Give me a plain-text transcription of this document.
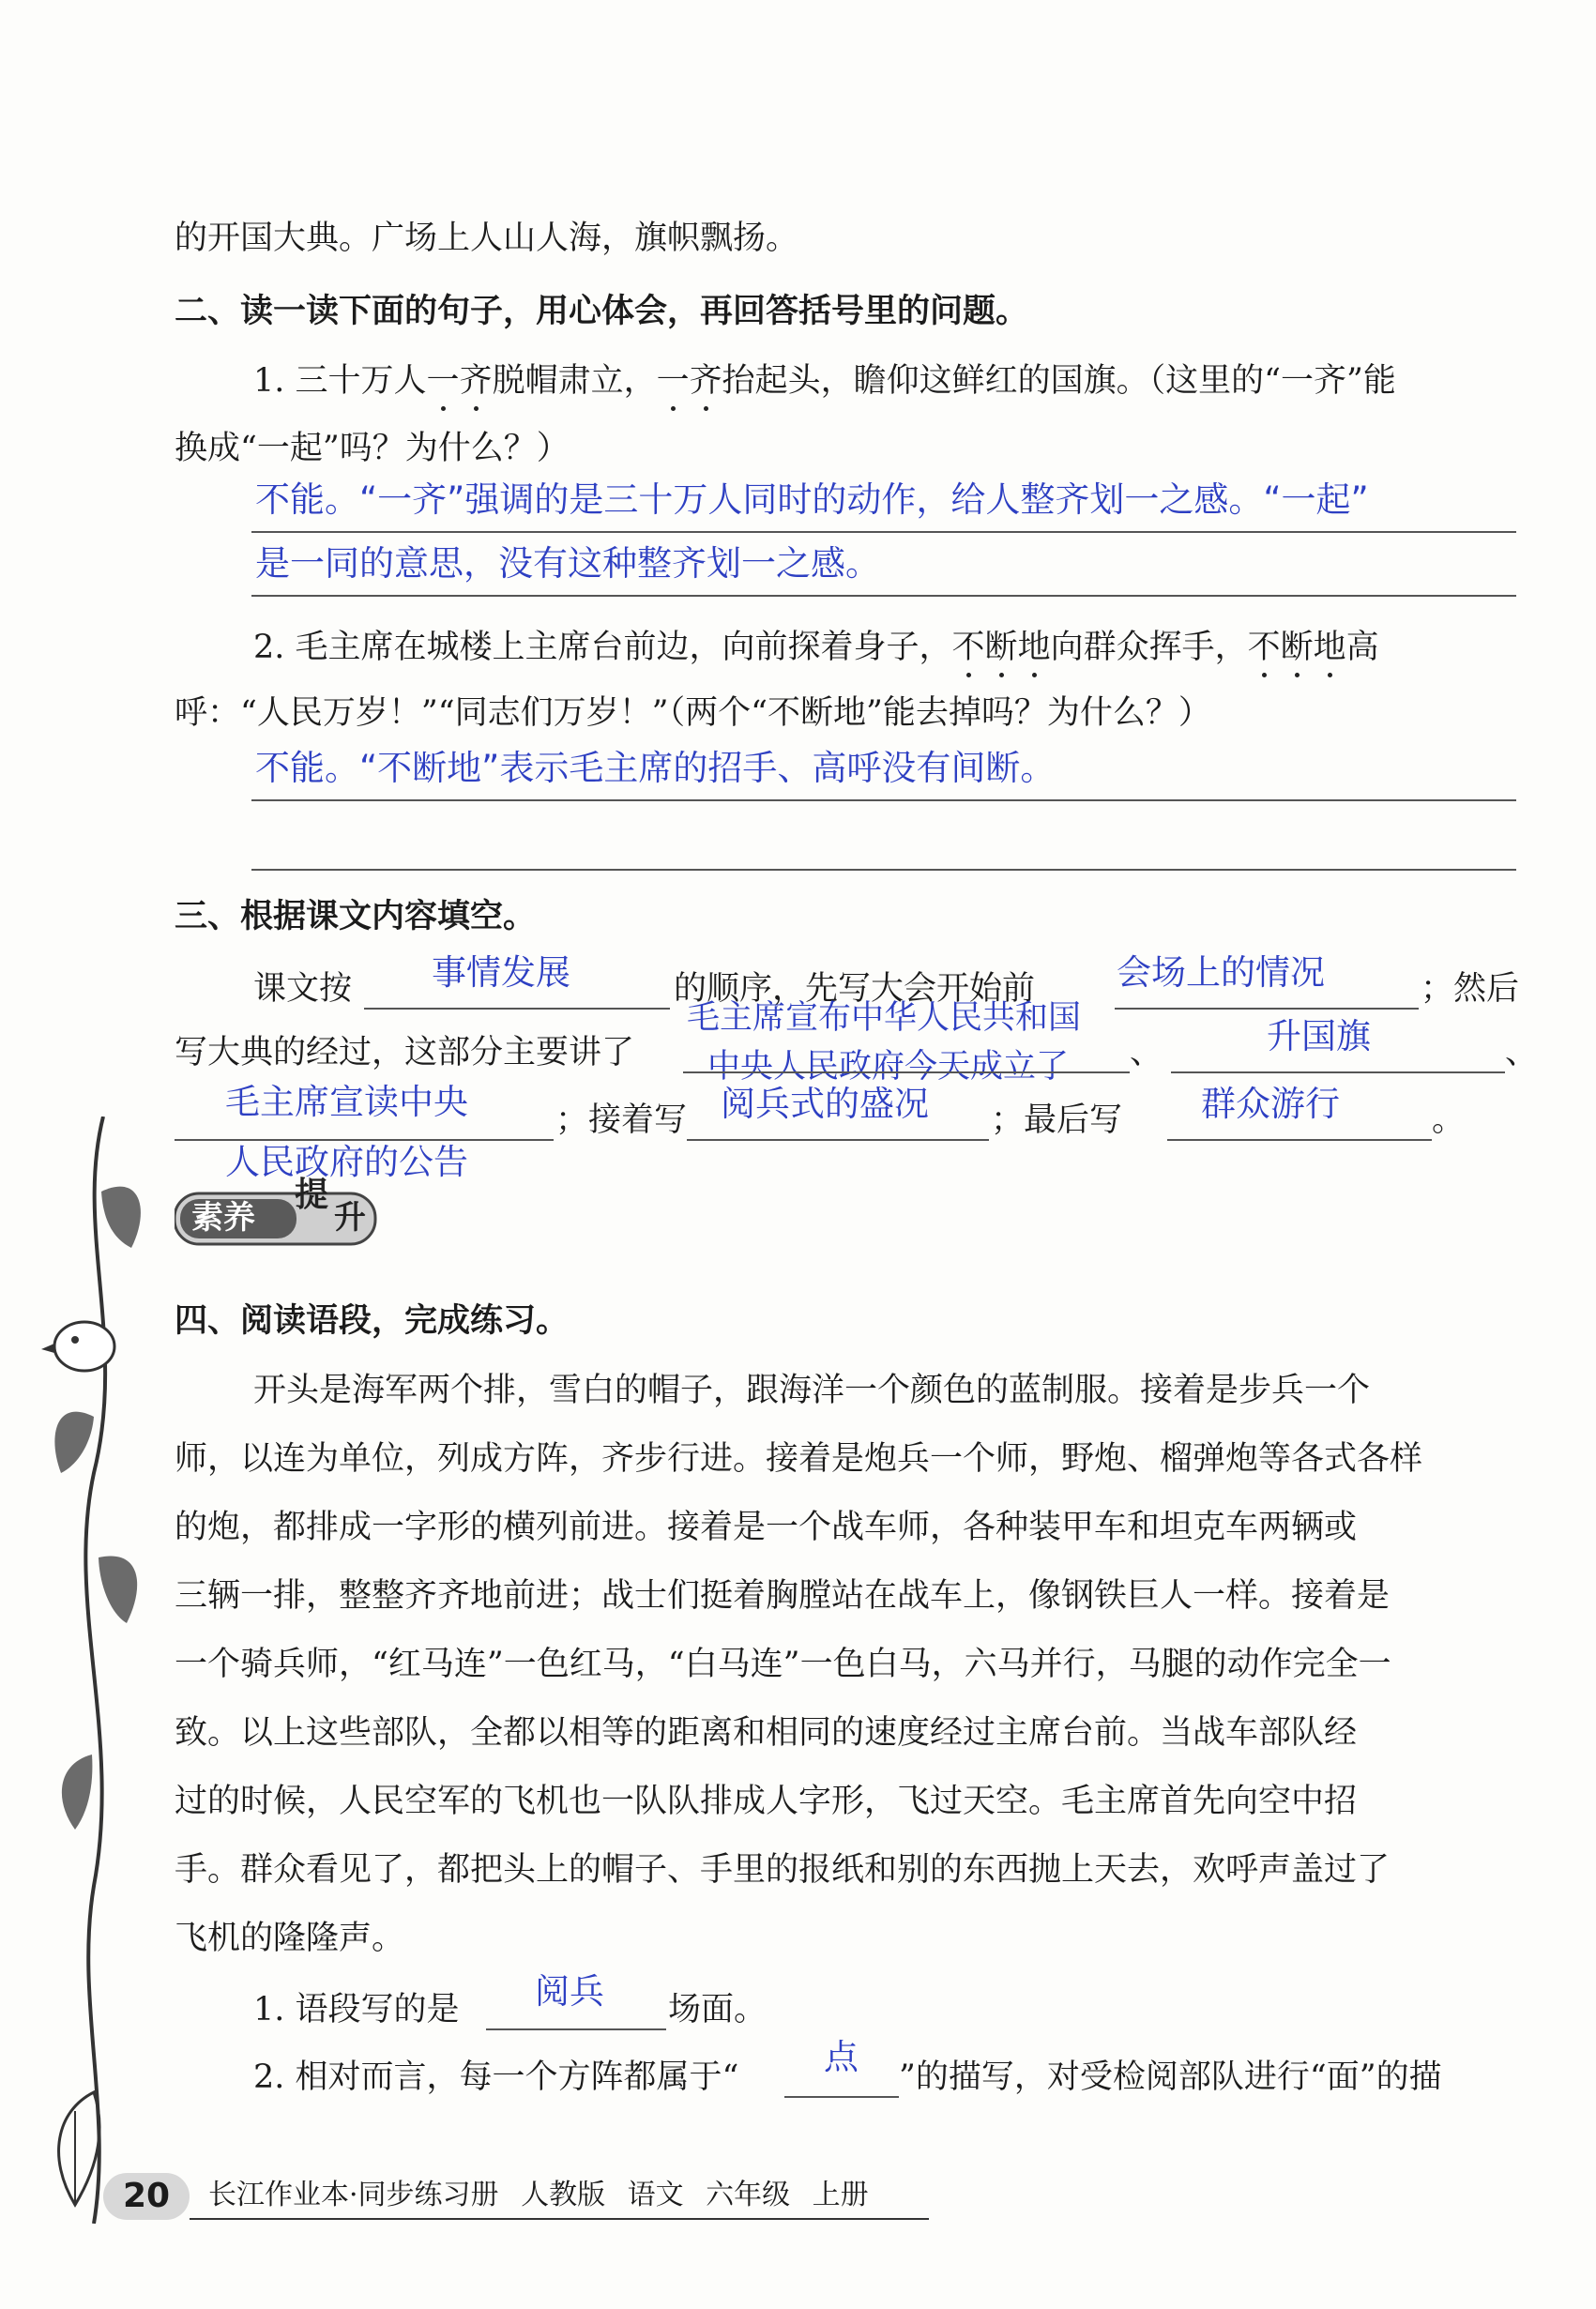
的开国大典。广场上人山人海，旗帜飘扬。
二、读一读下面的句子，用心体会，再回答括号里的问题。
1. 三十万人一齐脱帽肃立，一齐抬起头，瞻仰这鲜红的国旗。（这里的“一齐”能
换成“一起”吗？为什么？）
不能。“一齐”强调的是三十万人同时的动作，给人整齐划一之感。“一起”
是一同的意思，没有这种整齐划一之感。
2. 毛主席在城楼上主席台前边，向前探着身子，不断地向群众挥手，不断地高
呼：“人民万岁！”“同志们万岁！”（两个“不断地”能去掉吗？为什么？）
不能。“不断地”表示毛主席的招手、高呼没有间断。
三、根据课文内容填空。
课文按 事情发展	的顺序，先写大会开始前 会场上的情况	；然后
写大典的经过，这部分主要讲了
毛主席宣布中华人民共和国
中央人民政府今天成立了 、	升国旗	、
毛主席宣读中央
人民政府的公告
；接着写 阅兵式的盛况 ；最后写 群众游行	。
素养
提
升
四、阅读语段，完成练习。
开头是海军两个排，雪白的帽子，跟海洋一个颜色的蓝制服。接着是步兵一个
师，以连为单位，列成方阵，齐步行进。接着是炮兵一个师，野炮、榴弹炮等各式各样
的炮，都排成一字形的横列前进。接着是一个战车师，各种装甲车和坦克车两辆或
三辆一排，整整齐齐地前进；战士们挺着胸膛站在战车上，像钢铁巨人一样。接着是
一个骑兵师，“红马连”一色红马，“白马连”一色白马，六马并行，马腿的动作完全一
致。以上这些部队，全都以相等的距离和相同的速度经过主席台前。当战车部队经
过的时候，人民空军的飞机也一队队排成人字形，飞过天空。毛主席首先向空中招
手。群众看见了，都把头上的帽子、手里的报纸和别的东西抛上天去，欢呼声盖过了
飞机的隆隆声。
1. 语段写的是 阅兵 场面。
2. 相对而言，每一个方阵都属于“ 点 ”的描写，对受检阅部队进行“面”的描
20	长江作业本·同步练习册 人教版 语文 六年级 上册
